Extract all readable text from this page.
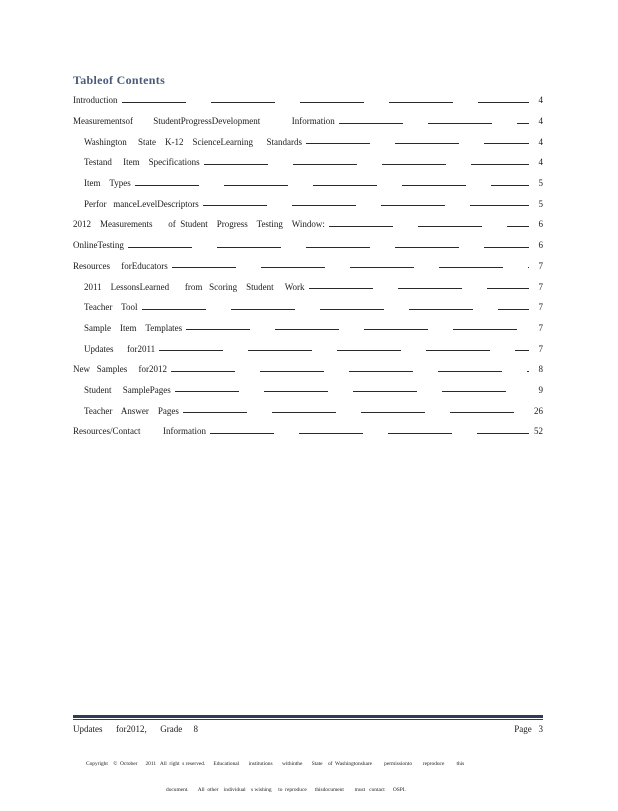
Tableof Contents
Introduction	4
Measurementsof         StudentProgressDevelopment              Information	4
Washington     State    K-12    ScienceLearning      Standards	4
Testand     Item    Specifications	4
Item    Types	5
Perfor   manceLevelDescriptors	5
2012    Measurements       of  Student    Progress    Testing    Window:	6
OnlineTesting	6
Resources     forEducators	7
2011    LessonsLearned       from   Scoring    Student     Work	7
Teacher    Tool	7
Sample    Item    Templates	7
Updates      for2011	7
New   Samples     for2012	8
Student     SamplePages	9
Teacher    Answer    Pages	26
Resources/Contact          Information	52
Updates      for2012,      Grade     8	Page   3

Copyright    ©  October      2011   All  right  s reserved.      Educational       institutions       withinthe       State    of  Washingtonshare         permissionto        reproduce         this

document.       All  other    individual    s wishing     to  reproduce      thisdocument        must   contact      OSPI.
